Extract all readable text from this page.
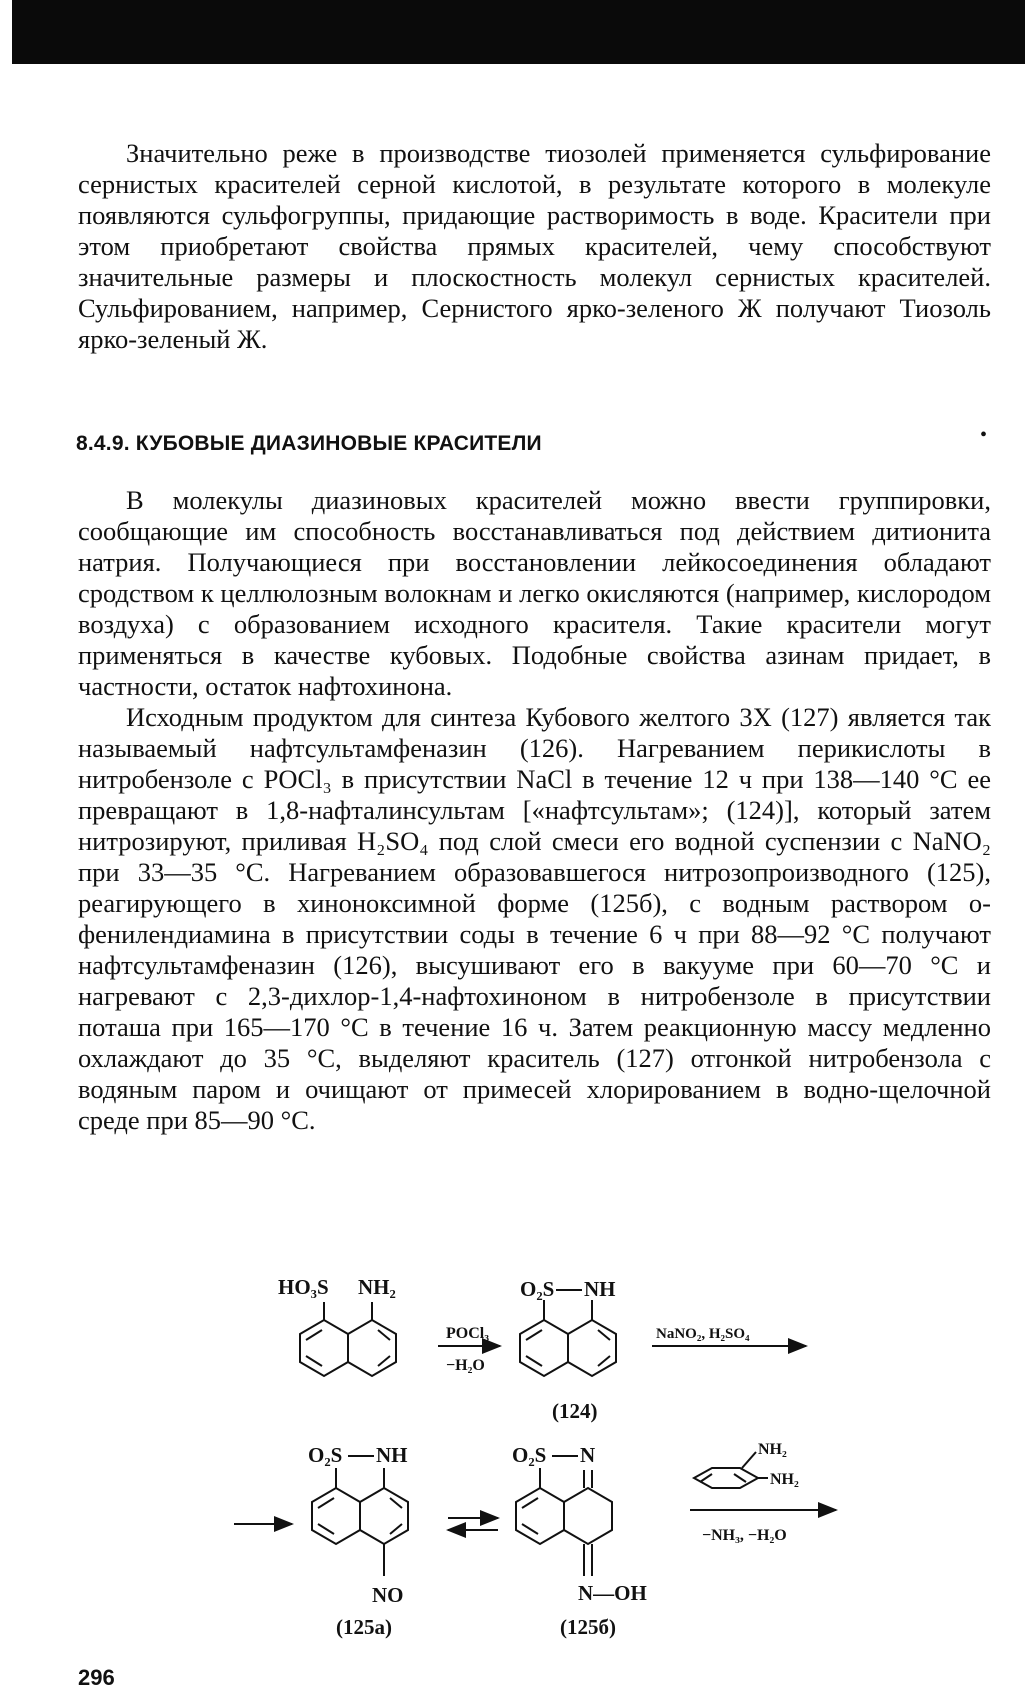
Значительно реже в производстве тиозолей применяется сульфирование сернистых красителей серной кислотой, в результате которого в молекуле появляются сульфогруппы, придающие растворимость в воде. Красители при этом приобретают свойства прямых красителей, чему способствуют значительные размеры и плоскостность молекул сернистых красителей. Сульфированием, например, Сернистого ярко-зеленого Ж получают Тиозоль ярко-зеленый Ж.

8.4.9. КУБОВЫЕ ДИАЗИНОВЫЕ КРАСИТЕЛИ	•

В молекулы диазиновых красителей можно ввести группировки, сообщающие им способность восстанавливаться под действием дитионита натрия. Получающиеся при восстановлении лейкосоединения обладают сродством к целлюлозным волокнам и легко окисляются (например, кислородом воздуха) с образованием исходного красителя. Такие красители могут применяться в качестве кубовых. Подобные свойства азинам придает, в частности, остаток нафтохинона.

Исходным продуктом для синтеза Кубового желтого 3Х (127) является так называемый нафтсультамфеназин (126). Нагреванием перикислоты в нитробензоле с POCl₃ в присутствии NaCl в течение 12 ч при 138—140 °С ее превращают в 1,8-нафталинсультам [«нафтсультам»; (124)], который затем нитрозируют, приливая H₂SO₄ под слой смеси его водной суспензии с NaNO₂ при 33—35 °С. Нагреванием образовавшегося нитрозопроизводного (125), реагирующего в хиноноксимной форме (125б), с водным раствором о-фенилендиамина в присутствии соды в течение 6 ч при 88—92 °С получают нафтсультамфеназин (126), высушивают его в вакууме при 60—70 °С и нагревают с 2,3-дихлор-1,4-нафтохиноном в нитробензоле в присутствии поташа при 165—170 °С в течение 16 ч. Затем реакционную массу медленно охлаждают до 35 °С, выделяют краситель (127) отгонкой нитробензола с водяным паром и очищают от примесей хлорированием в водно-щелочной среде при 85—90 °С.

HO₃S NH₂
POCl₃
−H₂O
O₂S NH
(124)
NaNO₂, H₂SO₄
O₂S NH
NO
(125а)
O₂S N
N—OH
(125б)
NH₂
NH₂
−NH₃, −H₂O
296
